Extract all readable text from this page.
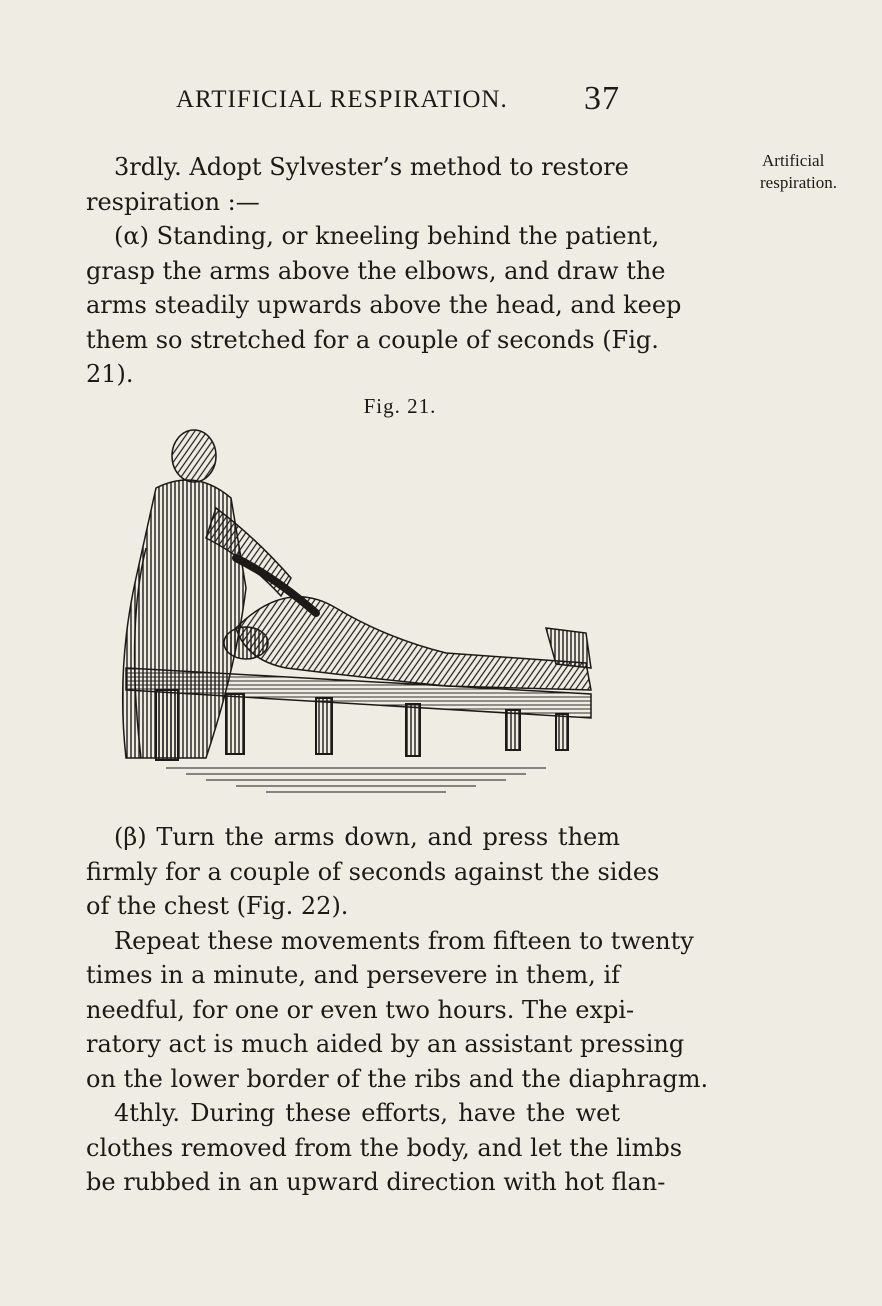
ARTIFICIAL RESPIRATION. 37
Artificial
respiration.

3rdly. Adopt Sylvester’s method to restore
respiration :—

(α) Standing, or kneeling behind the patient,
grasp the arms above the elbows, and draw the
arms steadily upwards above the head, and keep
them so stretched for a couple of seconds (Fig.
21).

Fig. 21.

(β) Turn the arms down, and press them
firmly for a couple of seconds against the sides
of the chest (Fig. 22).

Repeat these movements from fifteen to twenty
times in a minute, and persevere in them, if
needful, for one or even two hours. The expi-
ratory act is much aided by an assistant pressing
on the lower border of the ribs and the diaphragm.

4thly. During these efforts, have the wet
clothes removed from the body, and let the limbs
be rubbed in an upward direction with hot flan-
